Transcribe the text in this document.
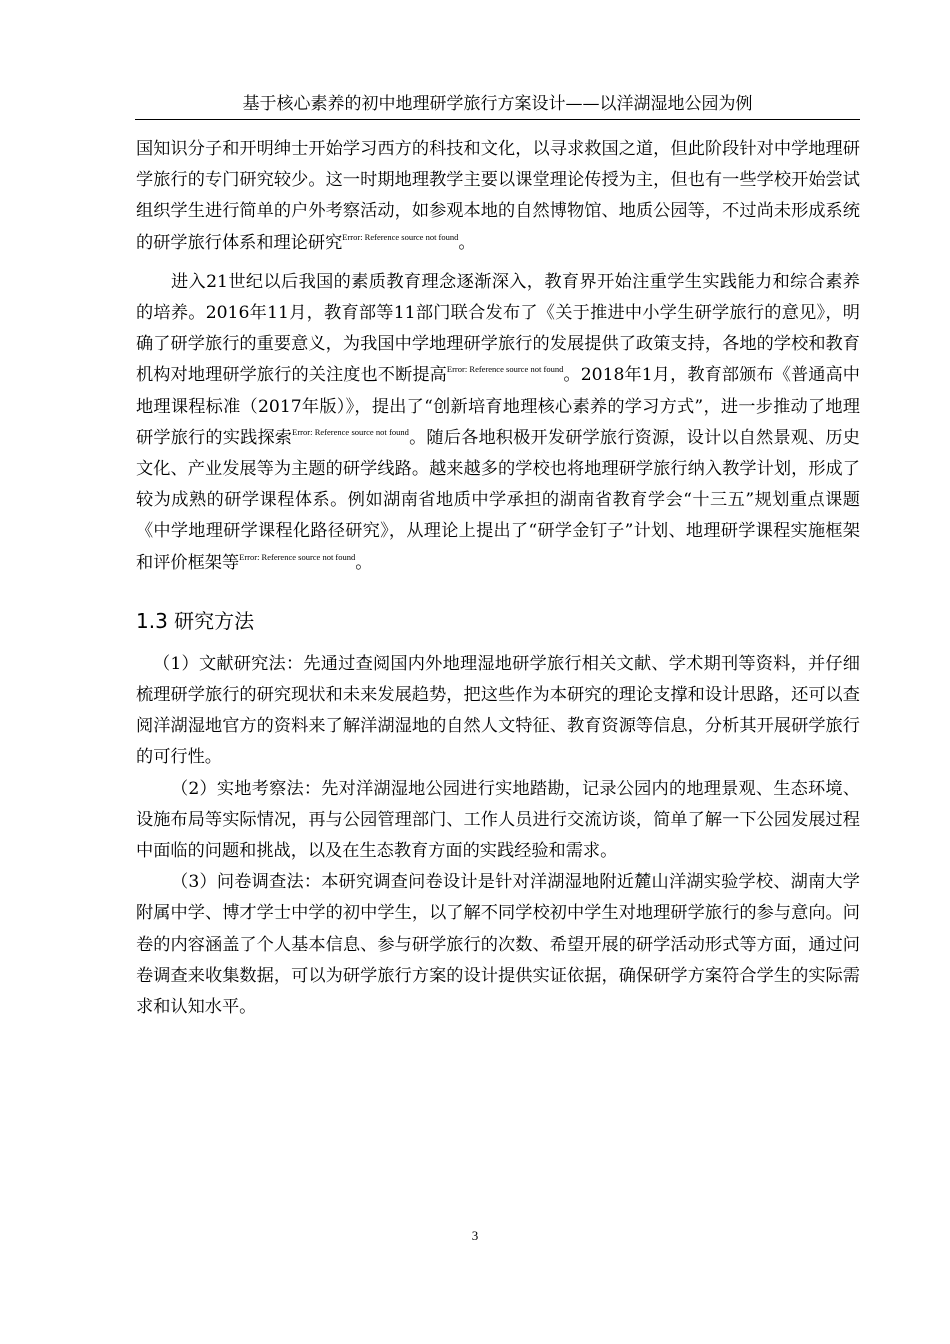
基于核心素养的初中地理研学旅行方案设计——以洋湖湿地公园为例

国知识分子和开明绅士开始学习西方的科技和文化，以寻求救国之道，但此阶段针对中学地理研学旅行的专门研究较少。这一时期地理教学主要以课堂理论传授为主，但也有一些学校开始尝试组织学生进行简单的户外考察活动，如参观本地的自然博物馆、地质公园等，不过尚未形成系统的研学旅行体系和理论研究$^{Error: Reference source not found}$。

进入21世纪以后我国的素质教育理念逐渐深入，教育界开始注重学生实践能力和综合素养的培养。2016年11月，教育部等11部门联合发布了《关于推进中小学生研学旅行的意见》，明确了研学旅行的重要意义，为我国中学地理研学旅行的发展提供了政策支持，各地的学校和教育机构对地理研学旅行的关注度也不断提高$^{Error: Reference source not found}$。2018年1月，教育部颁布《普通高中地理课程标准（2017年版）》，提出了“创新培育地理核心素养的学习方式”，进一步推动了地理研学旅行的实践探索$^{Error: Reference source not found}$。随后各地积极开发研学旅行资源，设计以自然景观、历史文化、产业发展等为主题的研学线路。越来越多的学校也将地理研学旅行纳入教学计划，形成了较为成熟的研学课程体系。例如湖南省地质中学承担的湖南省教育学会“十三五”规划重点课题《中学地理研学课程化路径研究》，从理论上提出了“研学金钉子”计划、地理研学课程实施框架和评价框架等$^{Error: Reference source not found}$。

1.3 研究方法

（1）文献研究法：先通过查阅国内外地理湿地研学旅行相关文献、学术期刊等资料，并仔细梳理研学旅行的研究现状和未来发展趋势，把这些作为本研究的理论支撑和设计思路，还可以查阅洋湖湿地官方的资料来了解洋湖湿地的自然人文特征、教育资源等信息，分析其开展研学旅行的可行性。

（2）实地考察法：先对洋湖湿地公园进行实地踏勘，记录公园内的地理景观、生态环境、设施布局等实际情况，再与公园管理部门、工作人员进行交流访谈，简单了解一下公园发展过程中面临的问题和挑战，以及在生态教育方面的实践经验和需求。

（3）问卷调查法：本研究调查问卷设计是针对洋湖湿地附近麓山洋湖实验学校、湖南大学附属中学、博才学士中学的初中学生，以了解不同学校初中学生对地理研学旅行的参与意向。问卷的内容涵盖了个人基本信息、参与研学旅行的次数、希望开展的研学活动形式等方面，通过问卷调查来收集数据，可以为研学旅行方案的设计提供实证依据，确保研学方案符合学生的实际需求和认知水平。

3
